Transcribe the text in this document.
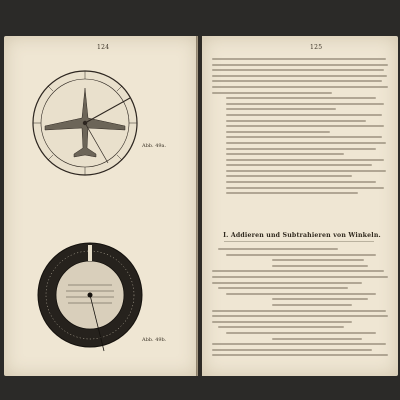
124
Abb. 49a.
Abb. 49b.
125
I. Addieren und Subtrahieren von Winkeln.
